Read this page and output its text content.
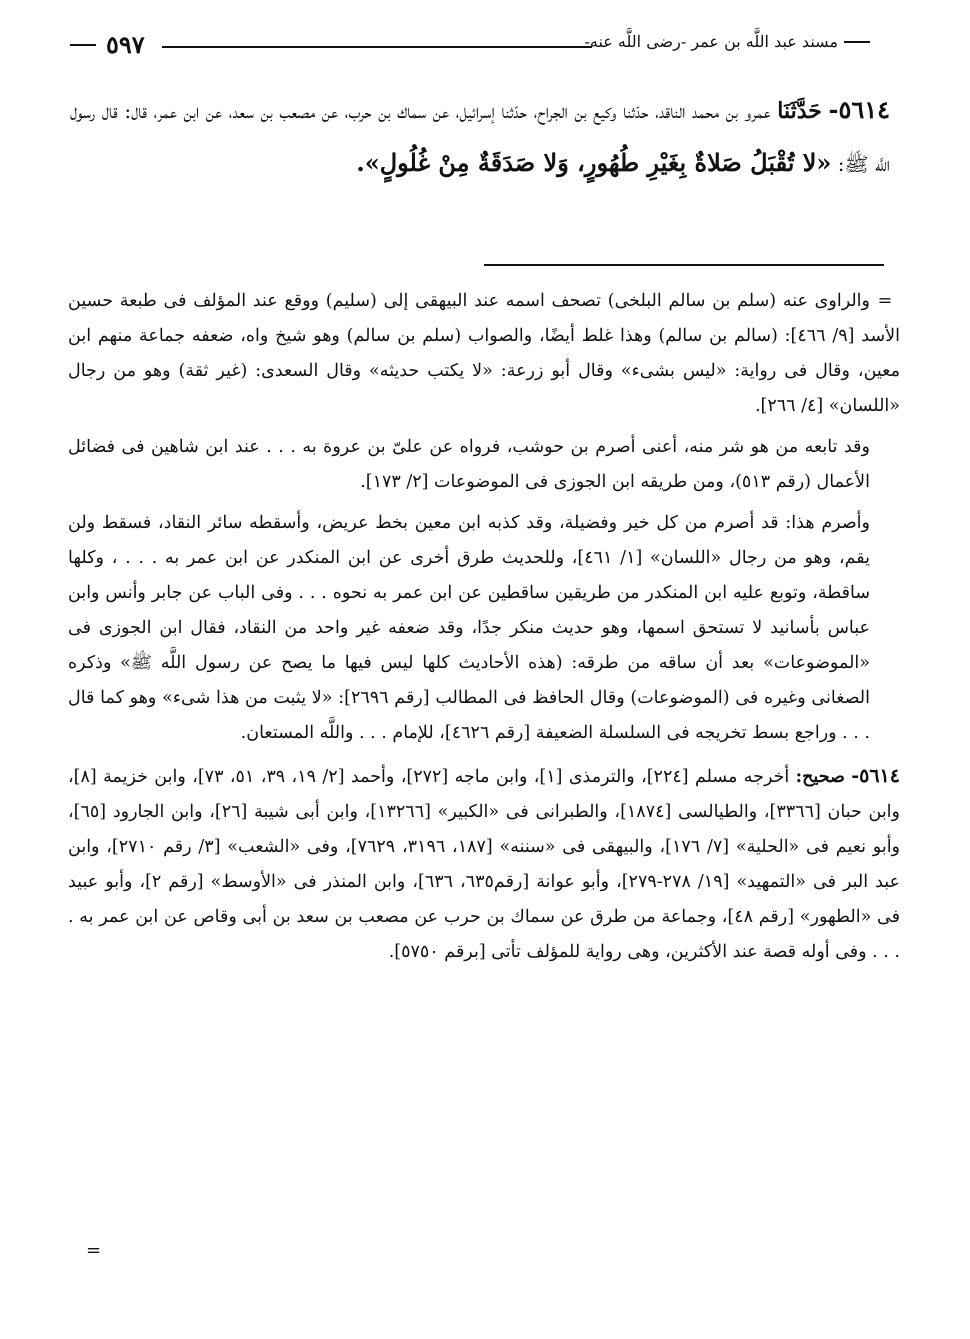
مسند عبد اللَّه بن عمر -رضى اللَّه عنه-
٥٩٧
٥٦١٤- حَدَّثَنَا عمرو بن محمد الناقد، حدّثنا وكيع بن الجراح، حدّثنا إسرائيل، عن سماك بن حرب، عن مصعب بن سعد، عن ابن عمر، قال: قال رسول اللَّه ﷺ: «لا تُقْبَلُ صَلاةٌ بِغَيْرِ طُهُورٍ، وَلا صَدَقَةٌ مِنْ غُلُولٍ».

=والراوى عنه (سلم بن سالم البلخى) تصحف اسمه عند البيهقى إلى (سليم) ووقع عند المؤلف فى طبعة حسين الأسد [٩/ ٤٦٦]: (سالم بن سالم) وهذا غلط أيضًا، والصواب (سلم بن سالم) وهو شيخ واه، ضعفه جماعة منهم ابن معين، وقال فى رواية: «ليس بشىء» وقال أبو زرعة: «لا يكتب حديثه» وقال السعدى: (غير ثقة) وهو من رجال «اللسان» [٤/ ٢٦٦].

وقد تابعه من هو شر منه، أعنى أصرم بن حوشب، فرواه عن علىّ بن عروة به . . . عند ابن شاهين فى فضائل الأعمال (رقم ٥١٣)، ومن طريقه ابن الجوزى فى الموضوعات [٢/ ١٧٣].

وأصرم هذا: قد أصرم من كل خير وفضيلة، وقد كذبه ابن معين بخط عريض، وأسقطه سائر النقاد، فسقط ولن يقم، وهو من رجال «اللسان» [١/ ٤٦١]، وللحديث طرق أخرى عن ابن المنكدر عن ابن عمر به . . . ، وكلها ساقطة، وتوبع عليه ابن المنكدر من طريقين ساقطين عن ابن عمر به نحوه . . . وفى الباب عن جابر وأنس وابن عباس بأسانيد لا تستحق اسمها، وهو حديث منكر جدًا، وقد ضعفه غير واحد من النقاد، فقال ابن الجوزى فى «الموضوعات» بعد أن ساقه من طرقه: (هذه الأحاديث كلها ليس فيها ما يصح عن رسول اللَّه ﷺ» وذكره الصغانى وغيره فى (الموضوعات) وقال الحافظ فى المطالب [رقم ٢٦٩٦]: «لا يثبت من هذا شىء» وهو كما قال . . . وراجع بسط تخريجه فى السلسلة الضعيفة [رقم ٤٦٢٦]، للإمام . . . واللَّه المستعان.

٥٦١٤- صحيح: أخرجه مسلم [٢٢٤]، والترمذى [١]، وابن ماجه [٢٧٢]، وأحمد [٢/ ١٩، ٣٩، ٥١، ٧٣]، وابن خزيمة [٨]، وابن حبان [٣٣٦٦]، والطيالسى [١٨٧٤]، والطبرانى فى «الكبير» [١٣٢٦٦]، وابن أبى شيبة [٢٦]، وابن الجارود [٦٥]، وأبو نعيم فى «الحلية» [٧/ ١٧٦]، والبيهقى فى «سننه» [١٨٧، ٣١٩٦، ٧٦٢٩]، وفى «الشعب» [٣/ رقم ٢٧١٠]، وابن عبد البر فى «التمهيد» [١٩/ ٢٧٨-٢٧٩]، وأبو عوانة [رقم٦٣٥، ٦٣٦]، وابن المنذر فى «الأوسط» [رقم ٢]، وأبو عبيد فى «الطهور» [رقم ٤٨]، وجماعة من طرق عن سماك بن حرب عن مصعب بن سعد بن أبى وقاص عن ابن عمر به . . . . وفى أوله قصة عند الأكثرين، وهى رواية للمؤلف تأتى [برقم ٥٧٥٠].

=
